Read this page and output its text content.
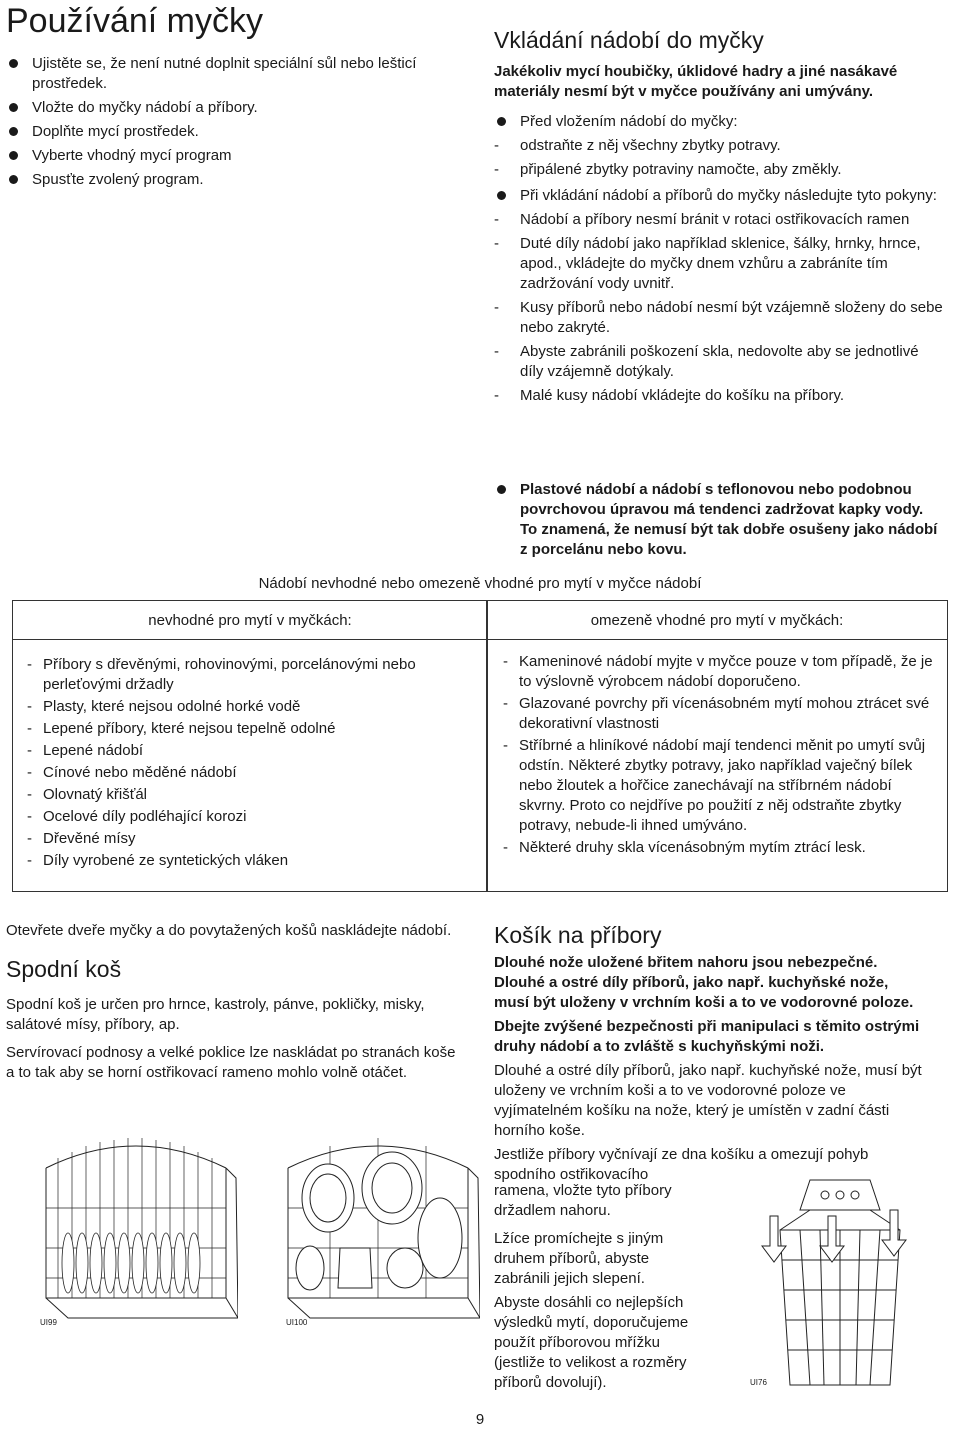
Používání myčky
Ujistěte se, že není nutné doplnit speciální sůl nebo lešticí prostředek.
Vložte do myčky nádobí a příbory.
Doplňte mycí prostředek.
Vyberte vhodný mycí program
Spusťte zvolený program.
Vkládání nádobí do myčky

Jakékoliv mycí houbičky, úklidové hadry a jiné nasákavé materiály nesmí být v myčce používány ani umývány.

Před vložením nádobí do myčky:
- odstraňte z něj všechny zbytky potravy.
- připálené zbytky potraviny namočte, aby změkly.
Při vkládání nádobí a příborů do myčky následujte tyto pokyny:
- Nádobí a příbory nesmí bránit v rotaci ostřikovacích ramen
- Duté díly nádobí jako například sklenice, šálky, hrnky, hrnce, apod., vkládejte do myčky dnem vzhůru a zabráníte tím zadržování vody uvnitř.
- Kusy příborů nebo nádobí nesmí být vzájemně složeny do sebe nebo zakryté.
- Abyste zabránili poškození skla, nedovolte aby se jednotlivé díly vzájemně dotýkaly.
- Malé kusy nádobí vkládejte do košíku na příbory.
Plastové nádobí a nádobí s teflonovou nebo podobnou povrchovou úpravou má tendenci zadržovat kapky vody. To znamená, že nemusí být tak dobře osušeny jako nádobí z porcelánu nebo kovu.
Nádobí nevhodné nebo omezeně vhodné pro mytí v myčce nádobí
nevhodné pro mytí v myčkách:
- Příbory s dřevěnými, rohovinovými, porcelánovými nebo perleťovými držadly
- Plasty, které nejsou odolné horké vodě
- Lepené příbory, které nejsou tepelně odolné
- Lepené nádobí
- Cínové nebo měděné nádobí
- Olovnatý křišťál
- Ocelové díly podléhající korozi
- Dřevěné mísy
- Díly vyrobené ze syntetických vláken
omezeně vhodné pro mytí v myčkách:
- Kameninové nádobí myjte v myčce pouze v tom případě, že je to výslovně výrobcem nádobí doporučeno.
- Glazované povrchy při vícenásobném mytí mohou ztrácet své dekorativní vlastnosti
- Stříbrné a hliníkové nádobí mají tendenci měnit po umytí svůj odstín. Některé zbytky potravy, jako například vaječný bílek nebo žloutek a hořčice zanechávají na stříbrném nádobí skvrny. Proto co nejdříve po použití z něj odstraňte zbytky potravy, nebude-li ihned umýváno.
- Některé druhy skla vícenásobným mytím ztrácí lesk.

Otevřete dveře myčky a do povytažených košů naskládejte nádobí.

Spodní koš

Spodní koš je určen pro hrnce, kastroly, pánve, pokličky, misky, salátové mísy, příbory, ap.

Servírovací podnosy a velké poklice lze naskládat po stranách koše a to tak aby se horní ostřikovací rameno mohlo volně otáčet.

UI99	UI100
Košík na příbory

Dlouhé nože uložené břitem nahoru jsou nebezpečné. Dlouhé a ostré díly příborů, jako např. kuchyňské nože, musí být uloženy v vrchním koši a to ve vodorovné poloze.

Dbejte zvýšené bezpečnosti při manipulaci s těmito ostrými druhy nádobí a to zvláště s kuchyňskými noži.

Dlouhé a ostré díly příborů, jako např. kuchyňské nože, musí být uloženy ve vrchním koši a to ve vodorovné poloze ve vyjímatelném košíku na nože, který je umístěn v zadní části horního koše.

Jestliže příbory vyčnívají ze dna košíku a omezují pohyb spodního ostřikovacího

ramena, vložte tyto příbory držadlem nahoru.

Lžíce promíchejte s jiným druhem příborů, abyste zabránili jejich slepení.

Abyste dosáhli co nejlepších výsledků mytí, doporučujeme použít příborovou mřížku (jestliže to velikost a rozměry příborů dovolují).	UI76
9
